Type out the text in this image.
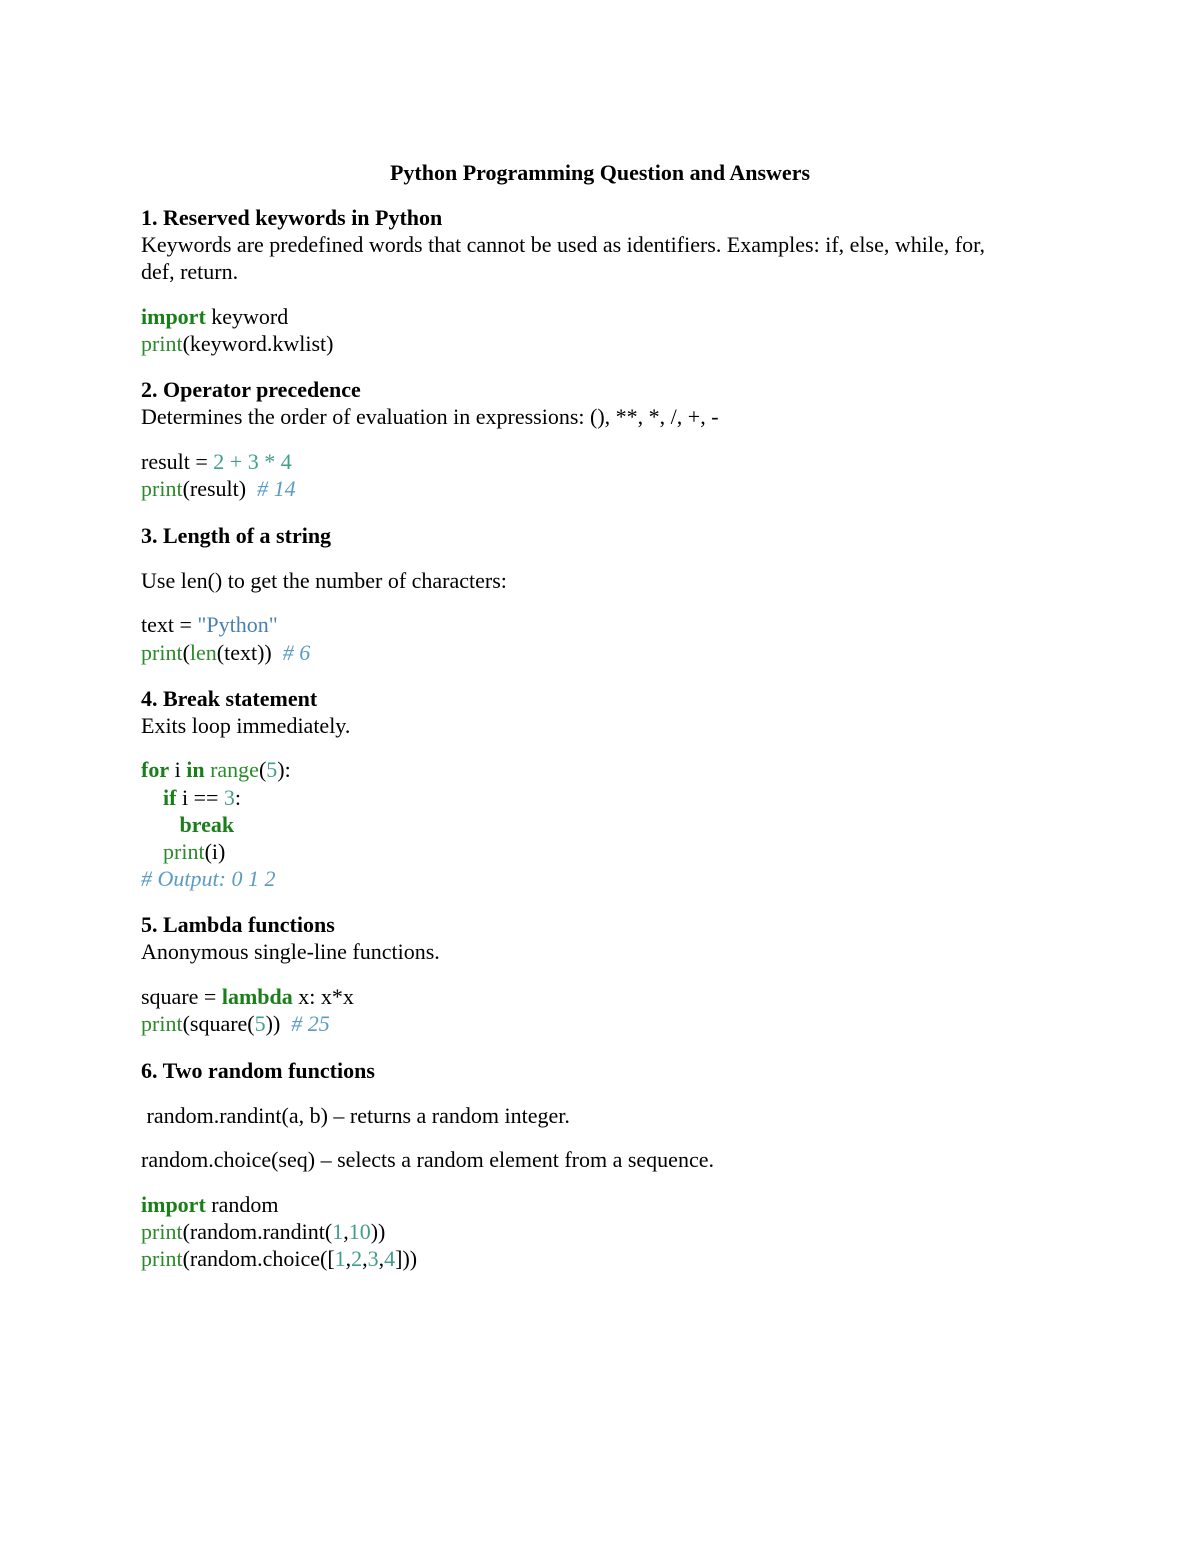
Python Programming Question and Answers
1. Reserved keywords in Python
Keywords are predefined words that cannot be used as identifiers. Examples: if, else, while, for,
def, return.
import keyword
print(keyword.kwlist)
2. Operator precedence
Determines the order of evaluation in expressions: (), **, *, /, +, -
result = 2 + 3 * 4
print(result)  # 14
3. Length of a string
Use len() to get the number of characters:
text = "Python"
print(len(text))  # 6
4. Break statement
Exits loop immediately.
for i in range(5):
if i == 3:
break
print(i)
# Output: 0 1 2
5. Lambda functions
Anonymous single-line functions.
square = lambda x: x*x
print(square(5))  # 25
6. Two random functions
random.randint(a, b) – returns a random integer.
random.choice(seq) – selects a random element from a sequence.
import random
print(random.randint(1,10))
print(random.choice([1,2,3,4]))
